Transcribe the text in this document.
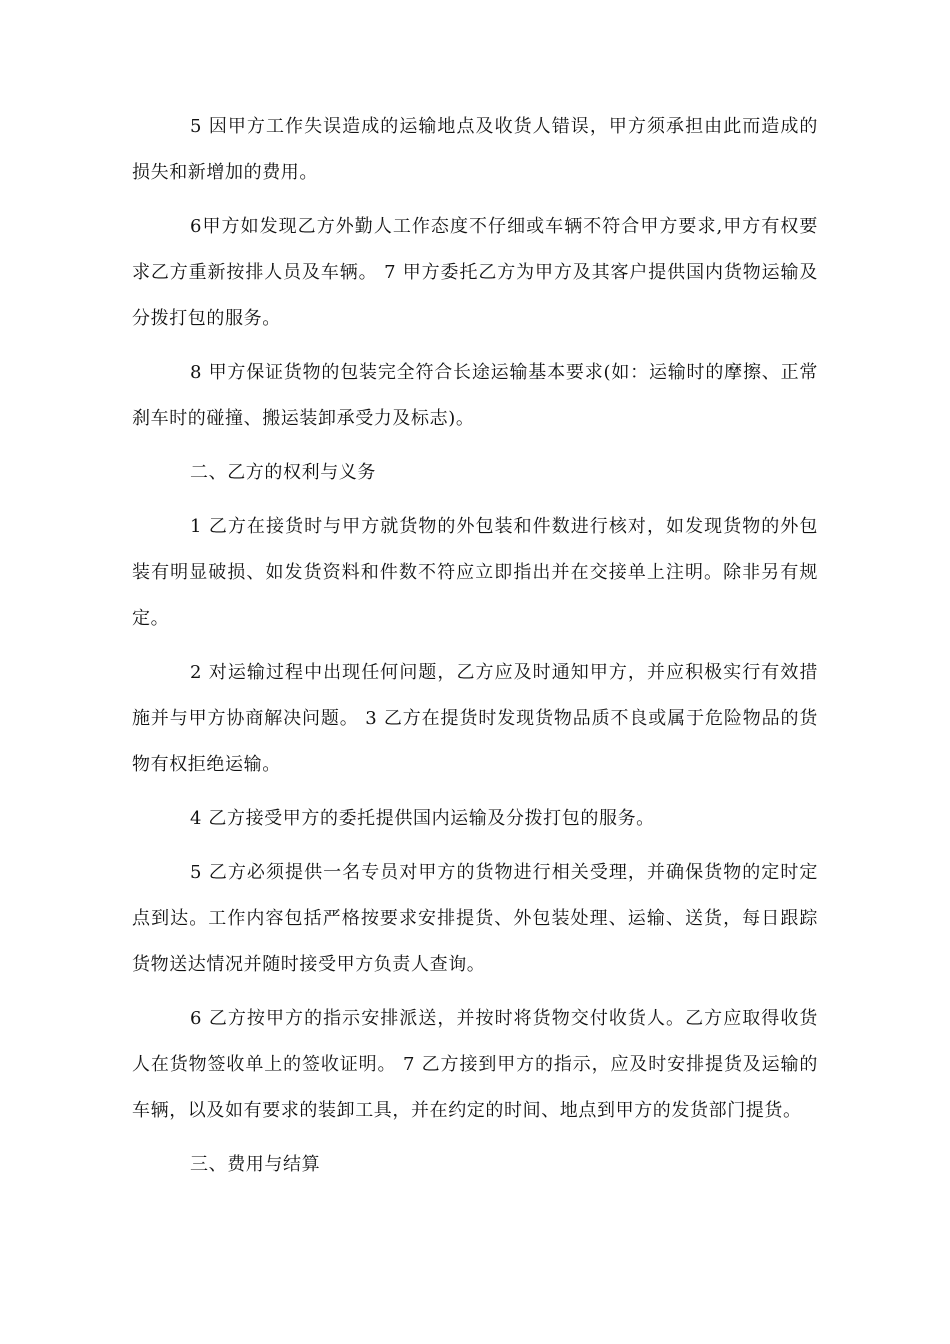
5 因甲方工作失误造成的运输地点及收货人错误，甲方须承担由此而造成的损失和新增加的费用。

6甲方如发现乙方外勤人工作态度不仔细或车辆不符合甲方要求,甲方有权要求乙方重新按排人员及车辆。 7 甲方委托乙方为甲方及其客户提供国内货物运输及分拨打包的服务。

8 甲方保证货物的包装完全符合长途运输基本要求(如：运输时的摩擦、正常刹车时的碰撞、搬运装卸承受力及标志)。

二、乙方的权利与义务

1 乙方在接货时与甲方就货物的外包装和件数进行核对，如发现货物的外包装有明显破损、如发货资料和件数不符应立即指出并在交接单上注明。除非另有规定。

2 对运输过程中出现任何问题，乙方应及时通知甲方，并应积极实行有效措施并与甲方协商解决问题。 3 乙方在提货时发现货物品质不良或属于危险物品的货物有权拒绝运输。

4 乙方接受甲方的委托提供国内运输及分拨打包的服务。

5 乙方必须提供一名专员对甲方的货物进行相关受理，并确保货物的定时定点到达。工作内容包括严格按要求安排提货、外包装处理、运输、送货，每日跟踪货物送达情况并随时接受甲方负责人查询。

6 乙方按甲方的指示安排派送，并按时将货物交付收货人。乙方应取得收货人在货物签收单上的签收证明。 7 乙方接到甲方的指示，应及时安排提货及运输的车辆，以及如有要求的装卸工具，并在约定的时间、地点到甲方的发货部门提货。

三、费用与结算
